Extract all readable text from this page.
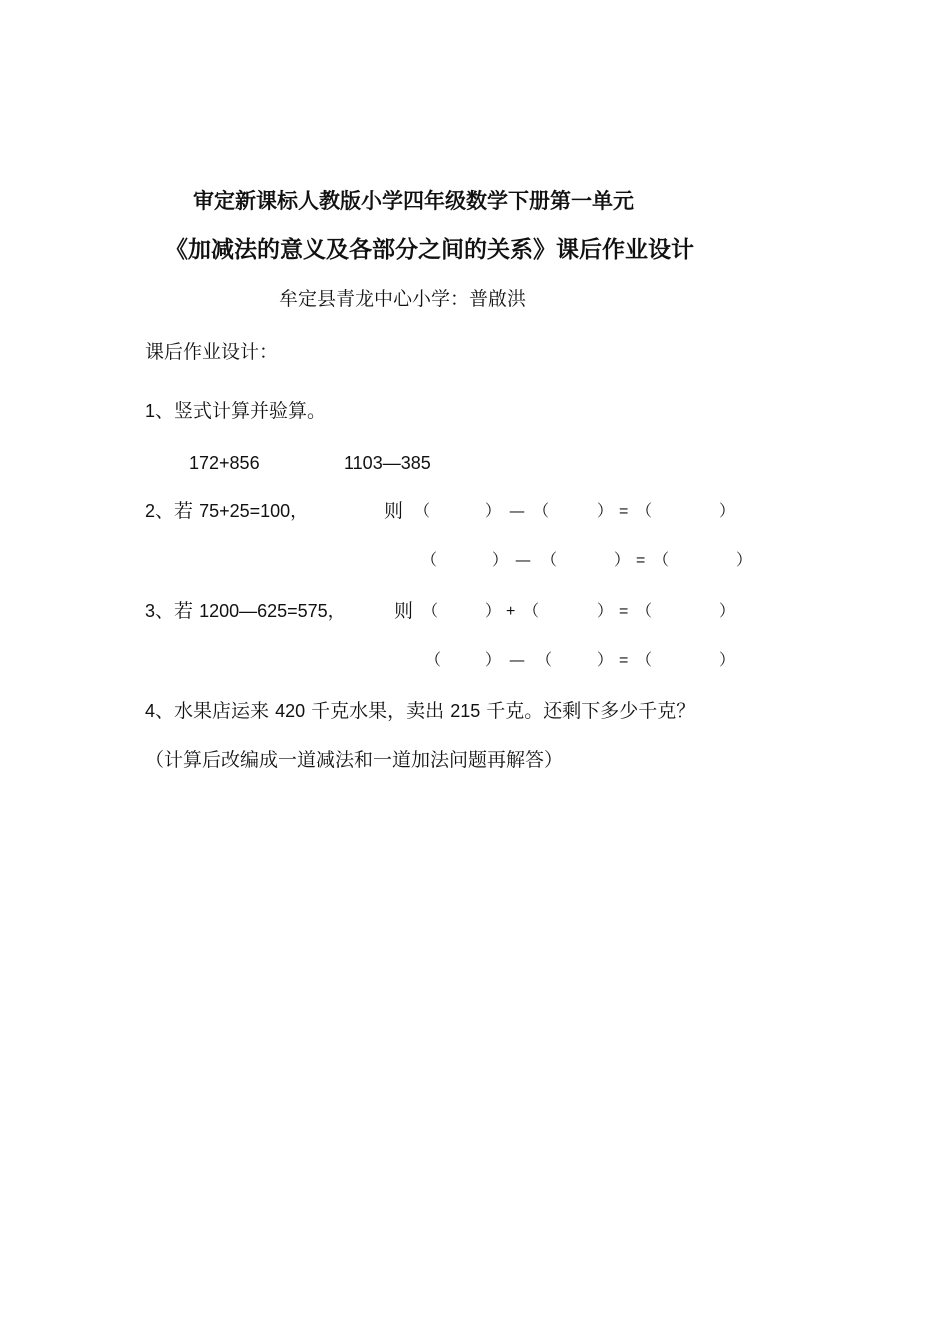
审定新课标人教版小学四年级数学下册第一单元
《加减法的意义及各部分之间的关系》课后作业设计
牟定县青龙中心小学：普啟洪
课后作业设计：
1、竖式计算并验算。
172+856	1103—385
2、若 75+25=100，	则 （	） — （	） = （	）
（	） — （	） = （	）
3、若 1200—625=575，	则 （	） + （	） = （	）
（	） — （	） = （	）
4、水果店运来 420 千克水果，卖出 215 千克。还剩下多少千克？
（计算后改编成一道减法和一道加法问题再解答）
